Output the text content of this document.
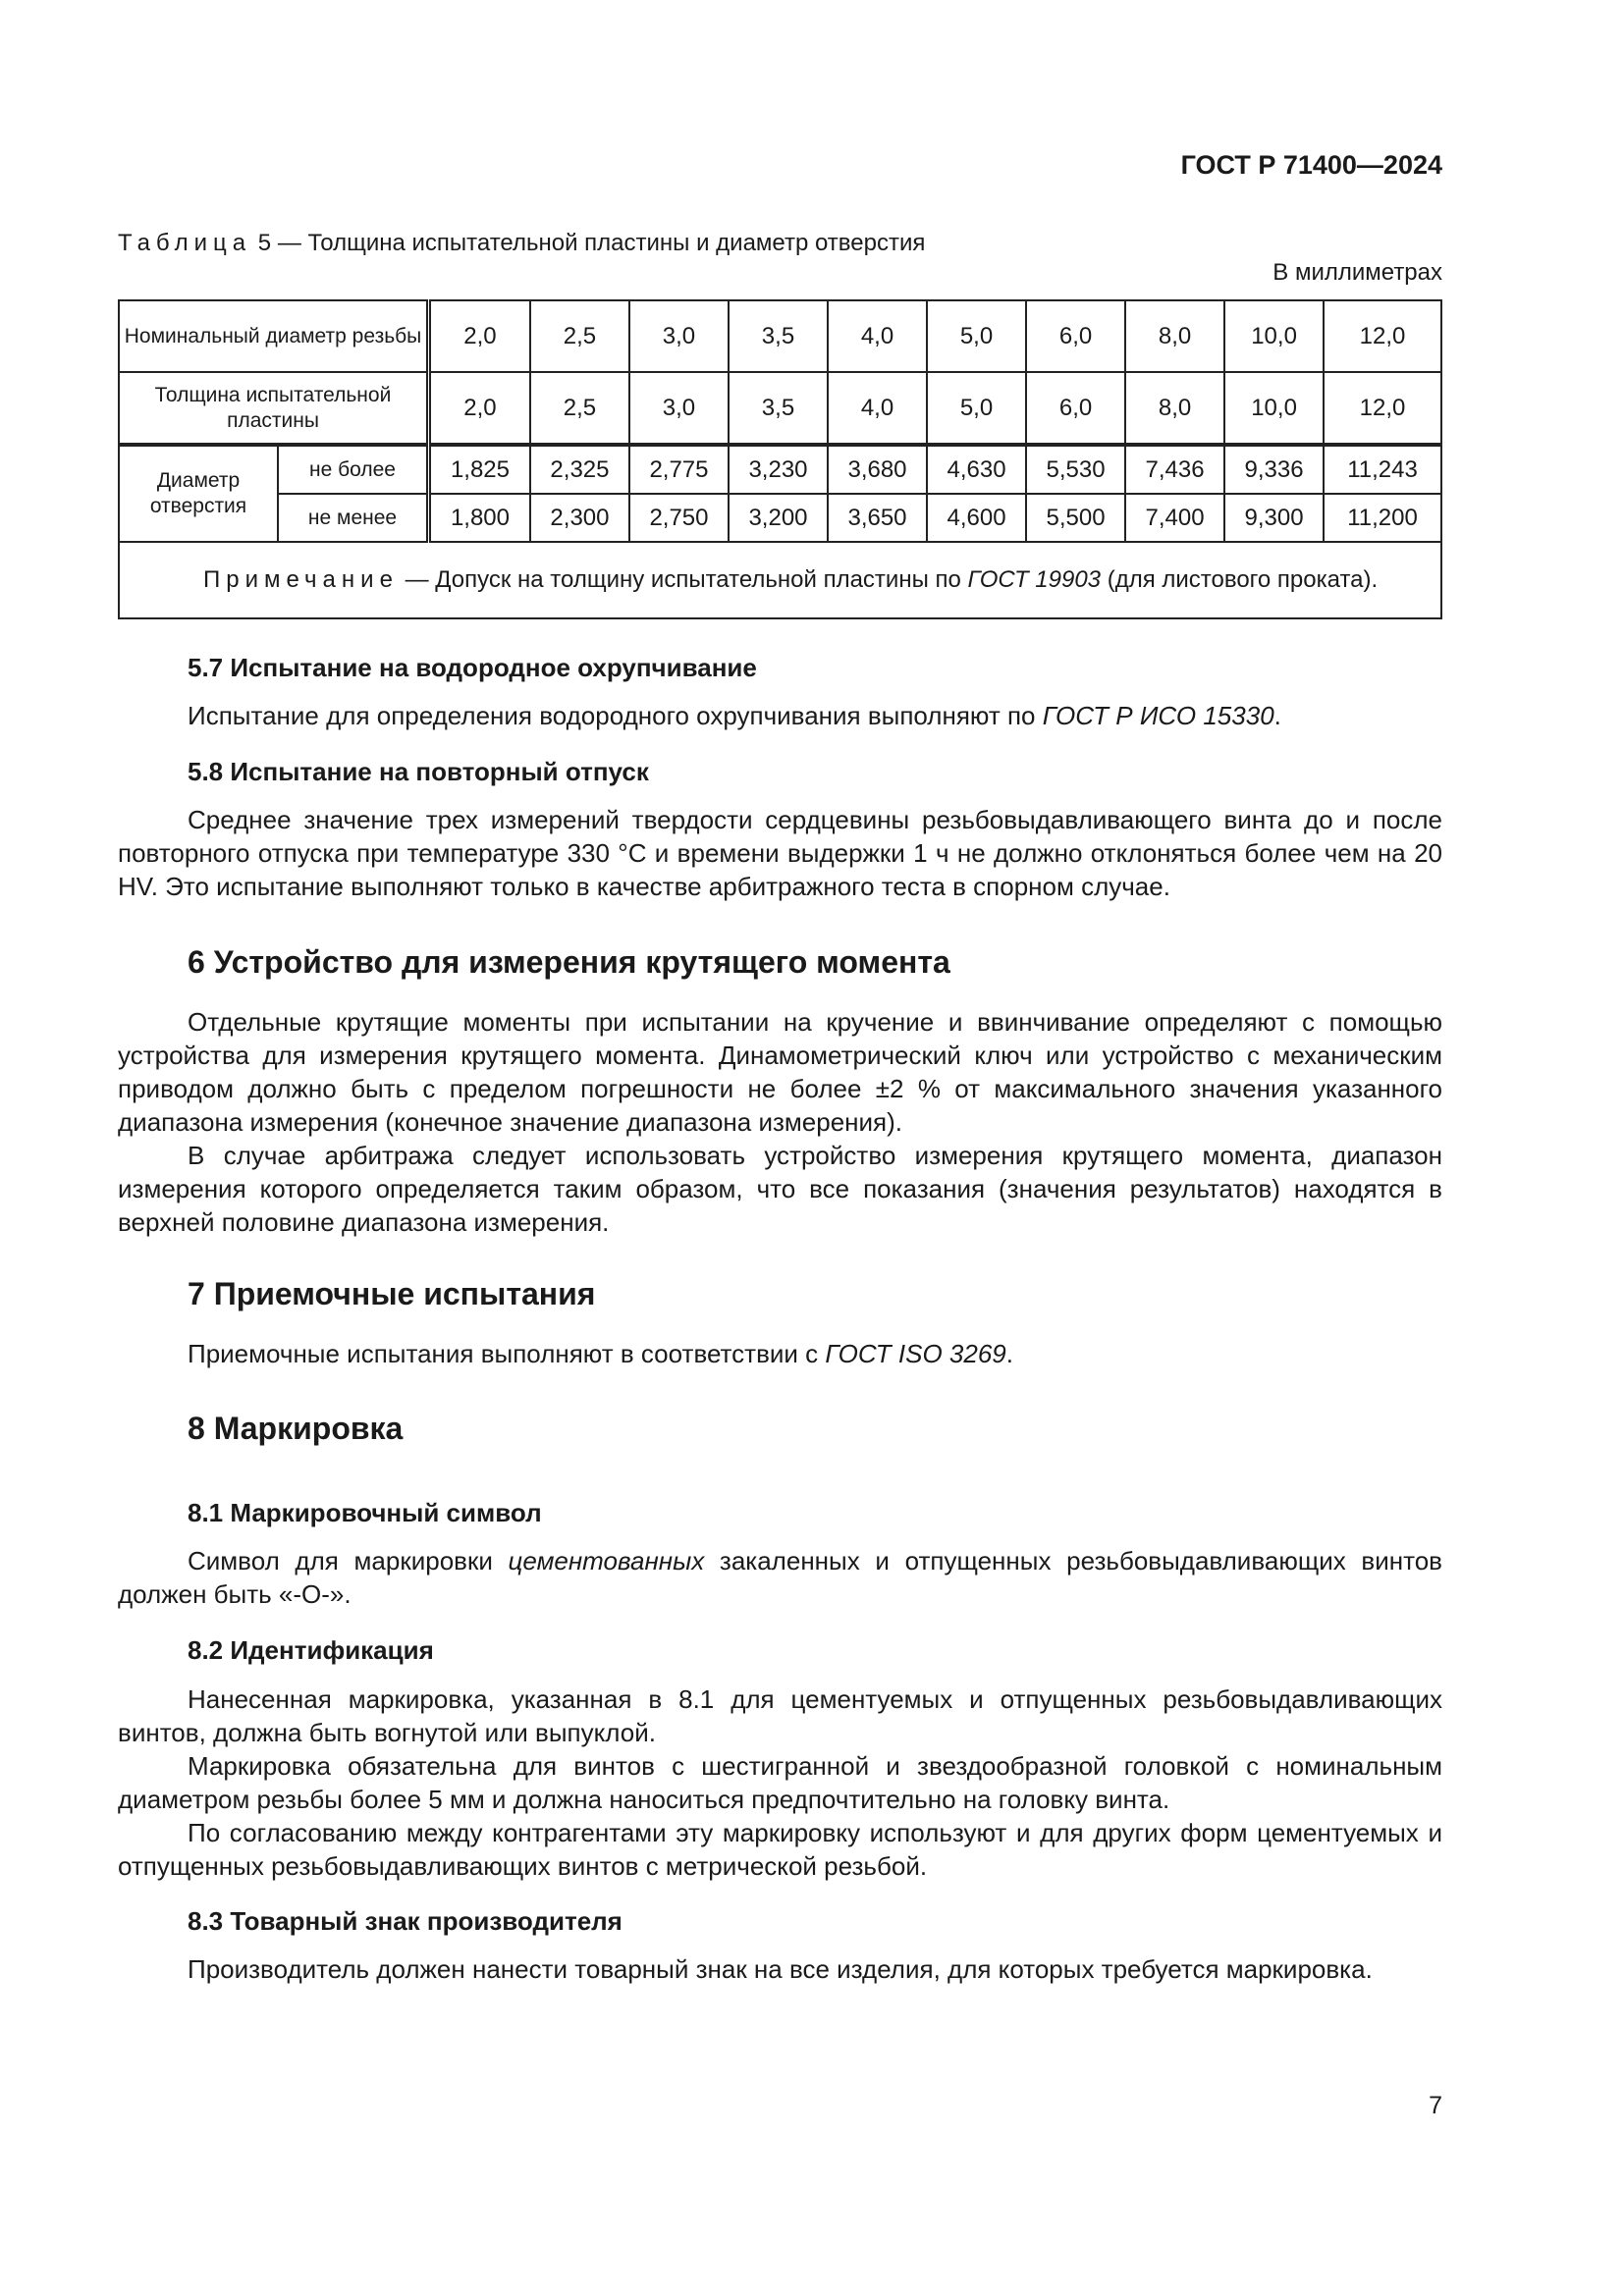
ГОСТ Р 71400—2024
Таблица 5 — Толщина испытательной пластины и диаметр отверстия
В миллиметрах
Номинальный диаметр резьбы		2,0	2,5	3,0	3,5	4,0	5,0	6,0	8,0	10,0	12,0
Толщина испытательной пластины		2,0	2,5	3,0	3,5	4,0	5,0	6,0	8,0	10,0	12,0
Диаметр отверстия	не более	1,825	2,325	2,775	3,230	3,680	4,630	5,530	7,436	9,336	11,243
	не менее	1,800	2,300	2,750	3,200	3,650	4,600	5,500	7,400	9,300	11,200
Примечание — Допуск на толщину испытательной пластины по ГОСТ 19903 (для листового проката).											
5.7 Испытание на водородное охрупчивание
Испытание для определения водородного охрупчивания выполняют по ГОСТ Р ИСО 15330.
5.8 Испытание на повторный отпуск
Среднее значение трех измерений твердости сердцевины резьбовыдавливающего винта до и после повторного отпуска при температуре 330 °C и времени выдержки 1 ч не должно отклоняться более чем на 20 HV. Это испытание выполняют только в качестве арбитражного теста в спорном случае.
6 Устройство для измерения крутящего момента
Отдельные крутящие моменты при испытании на кручение и ввинчивание определяют с помощью устройства для измерения крутящего момента. Динамометрический ключ или устройство с механическим приводом должно быть с пределом погрешности не более ±2 % от максимального значения указанного диапазона измерения (конечное значение диапазона измерения).
В случае арбитража следует использовать устройство измерения крутящего момента, диапазон измерения которого определяется таким образом, что все показания (значения результатов) находятся в верхней половине диапазона измерения.
7 Приемочные испытания
Приемочные испытания выполняют в соответствии с ГОСТ ISO 3269.
8 Маркировка
8.1 Маркировочный символ
Символ для маркировки цементованных закаленных и отпущенных резьбовыдавливающих винтов должен быть «-О-».
8.2 Идентификация
Нанесенная маркировка, указанная в 8.1 для цементуемых и отпущенных резьбовыдавливающих винтов, должна быть вогнутой или выпуклой.
Маркировка обязательна для винтов с шестигранной и звездообразной головкой с номинальным диаметром резьбы более 5 мм и должна наноситься предпочтительно на головку винта.
По согласованию между контрагентами эту маркировку используют и для других форм цементуемых и отпущенных резьбовыдавливающих винтов с метрической резьбой.
8.3 Товарный знак производителя
Производитель должен нанести товарный знак на все изделия, для которых требуется маркировка.
7
